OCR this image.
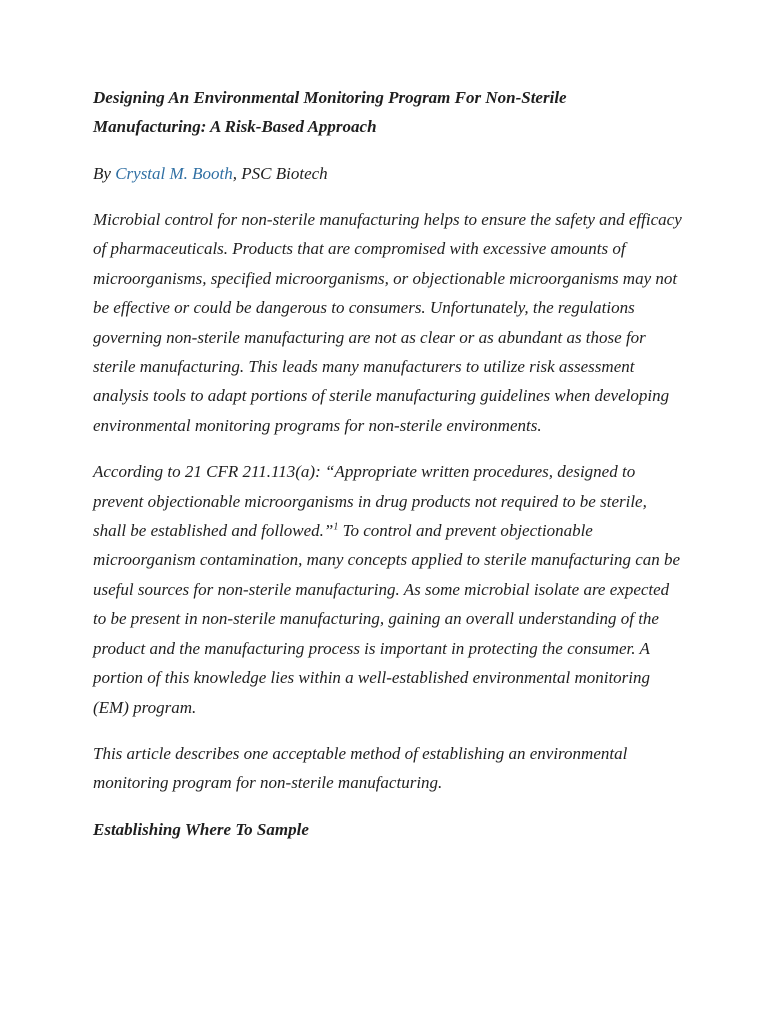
Designing An Environmental Monitoring Program For Non-Sterile Manufacturing: A Risk-Based Approach

By Crystal M. Booth, PSC Biotech

Microbial control for non-sterile manufacturing helps to ensure the safety and efficacy of pharmaceuticals. Products that are compromised with excessive amounts of microorganisms, specified microorganisms, or objectionable microorganisms may not be effective or could be dangerous to consumers. Unfortunately, the regulations governing non-sterile manufacturing are not as clear or as abundant as those for sterile manufacturing. This leads many manufacturers to utilize risk assessment analysis tools to adapt portions of sterile manufacturing guidelines when developing environmental monitoring programs for non-sterile environments.

According to 21 CFR 211.113(a): “Appropriate written procedures, designed to prevent objectionable microorganisms in drug products not required to be sterile, shall be established and followed.”$^1$ To control and prevent objectionable microorganism contamination, many concepts applied to sterile manufacturing can be useful sources for non-sterile manufacturing. As some microbial isolate are expected to be present in non-sterile manufacturing, gaining an overall understanding of the product and the manufacturing process is important in protecting the consumer. A portion of this knowledge lies within a well-established environmental monitoring (EM) program.

This article describes one acceptable method of establishing an environmental monitoring program for non-sterile manufacturing.

Establishing Where To Sample
